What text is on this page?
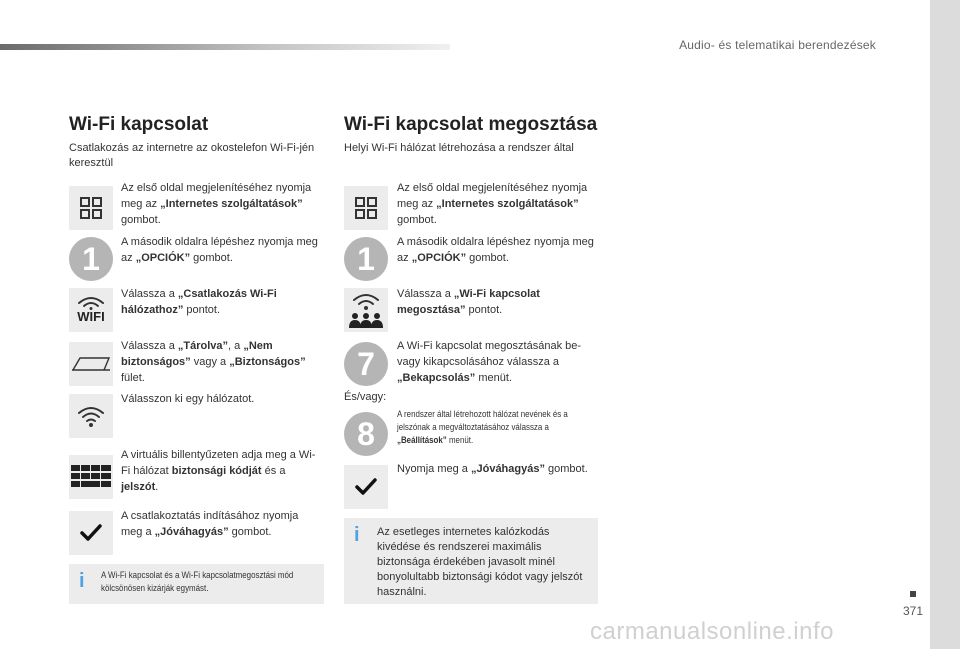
Audio- és telematikai berendezések
Wi-Fi kapcsolat
Csatlakozás az internetre az okostelefon Wi-Fi-jén keresztül
Az első oldal megjelenítéséhez nyomja meg az „Internetes szolgáltatások” gombot.
1	A második oldalra lépéshez nyomja meg az „OPCIÓK” gombot.
WIFI
Válassza a „Csatlakozás Wi-Fi hálózathoz” pontot.
Válassza a „Tárolva”, a „Nem biztonságos” vagy a „Biztonságos” fület.
Válasszon ki egy hálózatot.
A virtuális billentyűzeten adja meg a Wi-Fi hálózat biztonsági kódját és a jelszót.
A csatlakoztatás indításához nyomja meg a „Jóváhagyás” gombot.
i A Wi-Fi kapcsolat és a Wi-Fi kapcsolatmegosztási mód kölcsönösen kizárják egymást.
Wi-Fi kapcsolat megosztása
Helyi Wi-Fi hálózat létrehozása a rendszer által
Az első oldal megjelenítéséhez nyomja meg az „Internetes szolgáltatások” gombot.
1	A második oldalra lépéshez nyomja meg az „OPCIÓK” gombot.
Válassza a „Wi-Fi kapcsolat megosztása” pontot.
7	A Wi-Fi kapcsolat megosztásának be- vagy kikapcsolásához válassza a „Bekapcsolás” menüt.
És/vagy:
8
A rendszer által létrehozott hálózat nevének és a jelszónak a megváltoztatásához válassza a „Beállítások” menüt.
Nyomja meg a „Jóváhagyás” gombot.
i Az esetleges internetes kalózkodás kivédése és rendszerei maximális biztonsága érdekében javasolt minél bonyolultabb biztonsági kódot vagy jelszót használni.
371
carmanualsonline.info
